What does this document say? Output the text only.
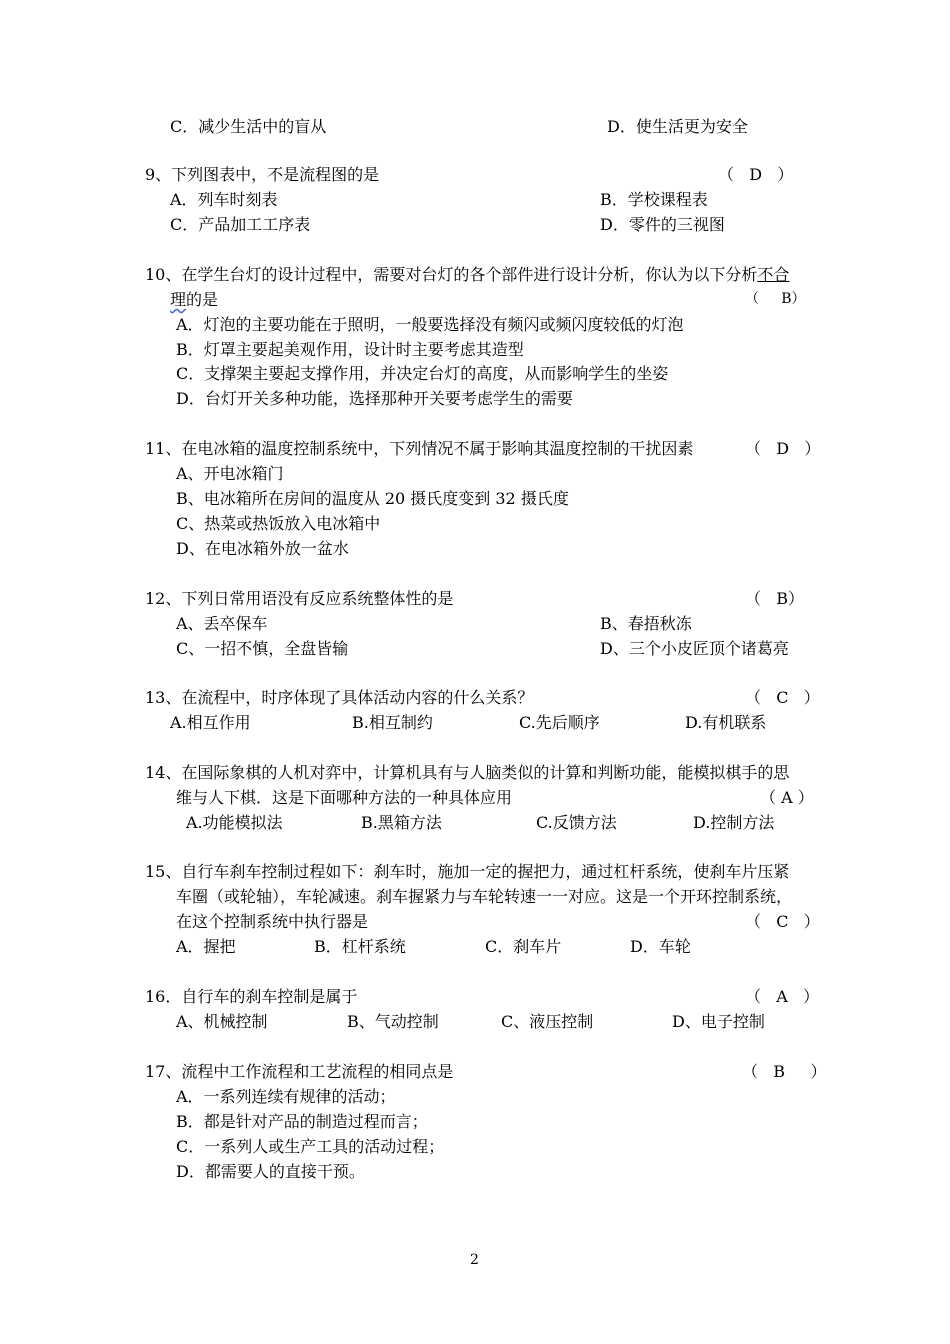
C．减少生活中的盲从	D．使生活更为安全
9、下列图表中，不是流程图的是	（   D   ）
A．列车时刻表	B．学校课程表
C．产品加工工序表	D．零件的三视图
10、在学生台灯的设计过程中，需要对台灯的各个部件进行设计分析，你认为以下分析不合
理的是	（     B）
A．灯泡的主要功能在于照明，一般要选择没有频闪或频闪度较低的灯泡
B．灯罩主要起美观作用，设计时主要考虑其造型
C．支撑架主要起支撑作用，并决定台灯的高度，从而影响学生的坐姿
D．台灯开关多种功能，选择那种开关要考虑学生的需要
11、在电冰箱的温度控制系统中，下列情况不属于影响其温度控制的干扰因素	（   D   ）
A、开电冰箱门
B、电冰箱所在房间的温度从 20 摄氏度变到 32 摄氏度
C、热菜或热饭放入电冰箱中
D、在电冰箱外放一盆水
12、下列日常用语没有反应系统整体性的是	（   B）
A、丢卒保车	B、春捂秋冻
C、一招不慎，全盘皆输	D、三个小皮匠顶个诸葛亮
13、在流程中，时序体现了具体活动内容的什么关系？	（   C   ）
A.相互作用	B.相互制约	C.先后顺序	D.有机联系
14、在国际象棋的人机对弈中，计算机具有与人脑类似的计算和判断功能，能模拟棋手的思
维与人下棋．这是下面哪种方法的一种具体应用	（ A ）
A.功能模拟法	B.黑箱方法	C.反馈方法	D.控制方法
15、自行车刹车控制过程如下：刹车时，施加一定的握把力，通过杠杆系统，使刹车片压紧
车圈（或轮轴），车轮减速。刹车握紧力与车轮转速一一对应。这是一个开环控制系统，
在这个控制系统中执行器是	（   C   ）
A．握把	B．杠杆系统	C．刹车片	D．车轮
16．自行车的刹车控制是属于	（   A   ）
A、机械控制	B、气动控制	C、液压控制	D、电子控制
17、流程中工作流程和工艺流程的相同点是	（   B     ）
A．一系列连续有规律的活动；
B．都是针对产品的制造过程而言；
C．一系列人或生产工具的活动过程；
D．都需要人的直接干预。
2
